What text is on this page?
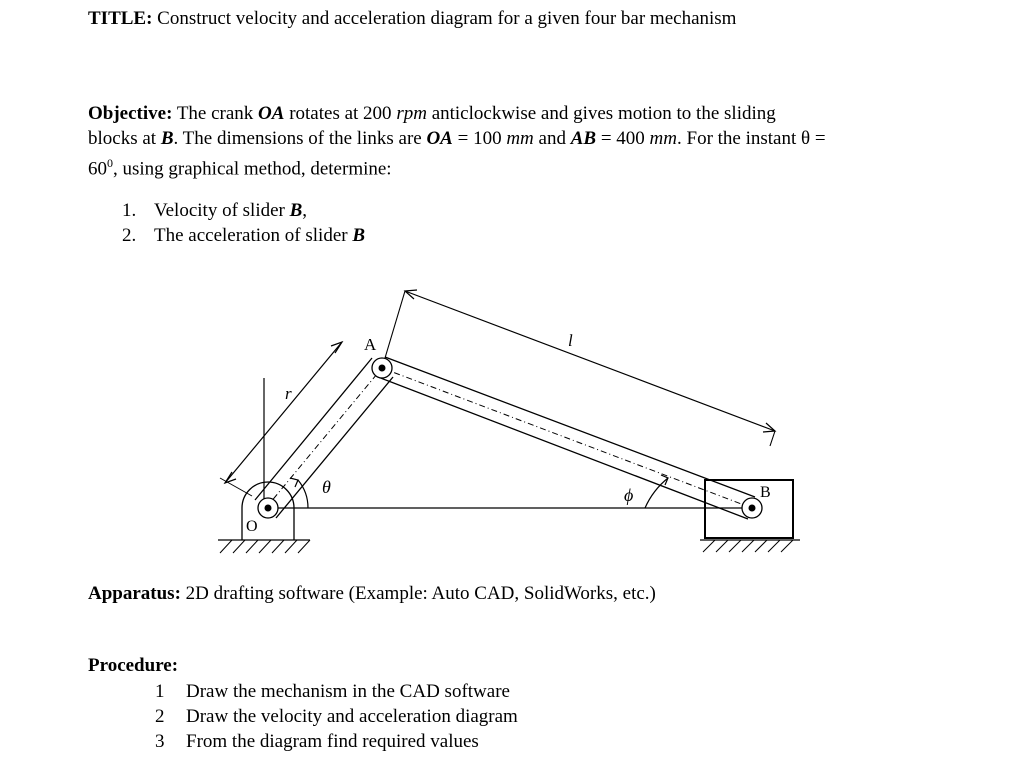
TITLE: Construct velocity and acceleration diagram for a given four bar mechanism
Objective: The crank OA rotates at 200 rpm anticlockwise and gives motion to the sliding
blocks at B. The dimensions of the links are OA = 100 mm and AB = 400 mm. For the instant θ =
$60^0$, using graphical method, determine:
1. Velocity of slider B,
2. The acceleration of slider B
A
B
O
r
l
θ	ϕ
Apparatus: 2D drafting software (Example: Auto CAD, SolidWorks, etc.)
Procedure:
1 Draw the mechanism in the CAD software
2 Draw the velocity and acceleration diagram
3 From the diagram find required values
